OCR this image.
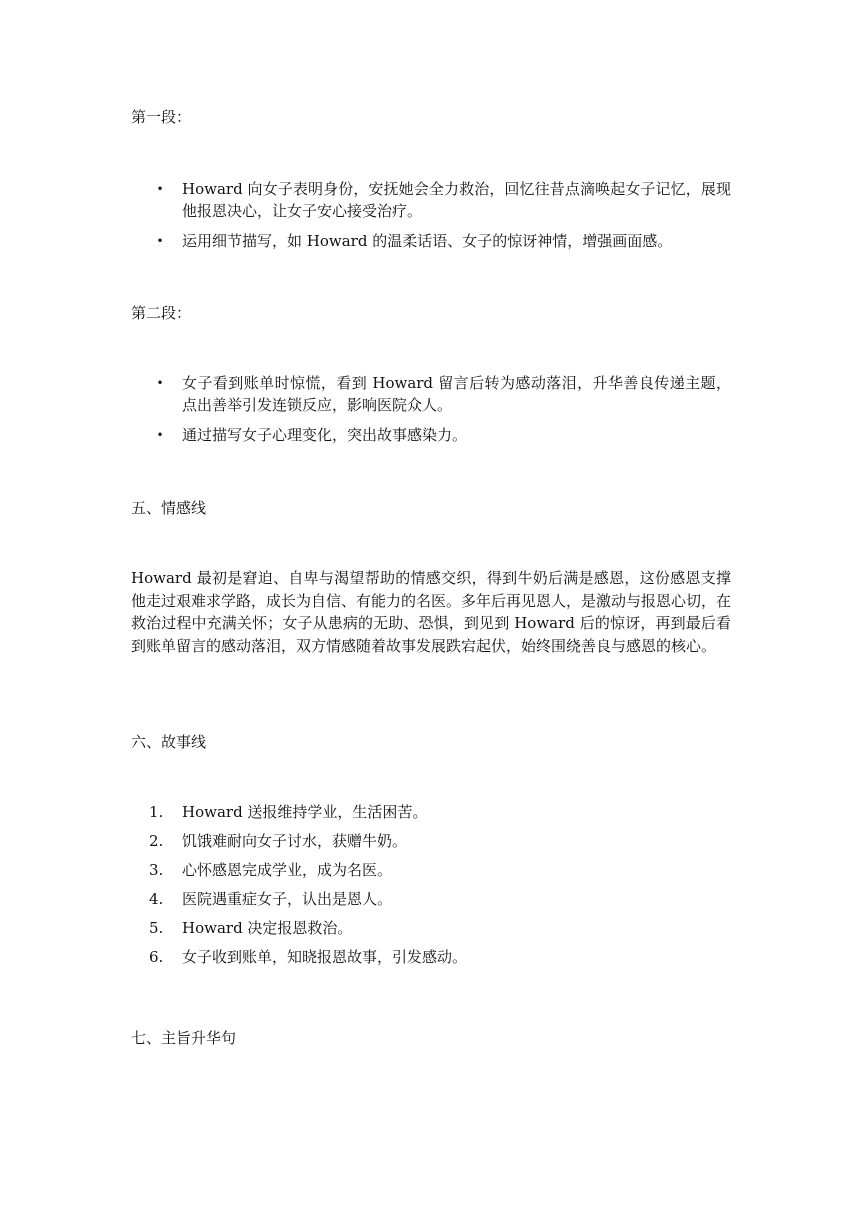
第一段：
• Howard 向女子表明身份，安抚她会全力救治，回忆往昔点滴唤起女子记忆，展现他报恩决心，让女子安心接受治疗。
• 运用细节描写，如 Howard 的温柔话语、女子的惊讶神情，增强画面感。
第二段：
• 女子看到账单时惊慌，看到 Howard 留言后转为感动落泪，升华善良传递主题，点出善举引发连锁反应，影响医院众人。
• 通过描写女子心理变化，突出故事感染力。
五、情感线

Howard 最初是窘迫、自卑与渴望帮助的情感交织，得到牛奶后满是感恩，这份感恩支撑他走过艰难求学路，成长为自信、有能力的名医。多年后再见恩人，是激动与报恩心切，在救治过程中充满关怀；女子从患病的无助、恐惧，到见到 Howard 后的惊讶，再到最后看到账单留言的感动落泪，双方情感随着故事发展跌宕起伏，始终围绕善良与感恩的核心。

六、故事线
1.	Howard 送报维持学业，生活困苦。
2.	饥饿难耐向女子讨水，获赠牛奶。
3.	心怀感恩完成学业，成为名医。
4.	医院遇重症女子，认出是恩人。
5.	Howard 决定报恩救治。
6.	女子收到账单，知晓报恩故事，引发感动。
七、主旨升华句
